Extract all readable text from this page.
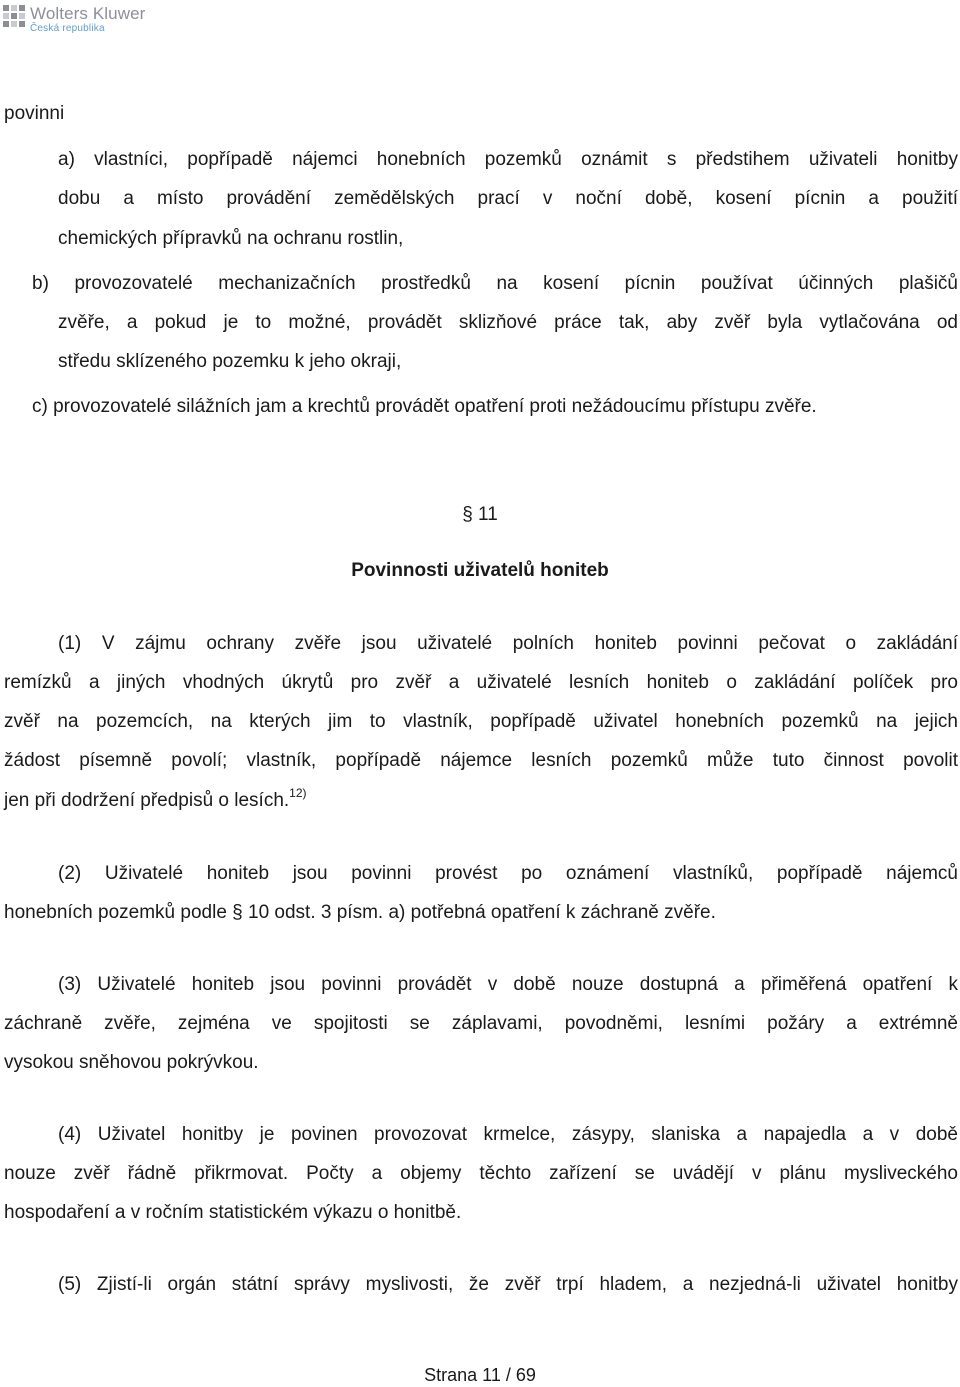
Wolters Kluwer
Česká republika
povinni
a) vlastníci, popřípadě nájemci honebních pozemků oznámit s předstihem uživateli honitby
dobu a místo provádění zemědělských prací v noční době, kosení pícnin a použití
chemických přípravků na ochranu rostlin,
b) provozovatelé mechanizačních prostředků na kosení pícnin používat účinných plašičů
zvěře, a pokud je to možné, provádět sklizňové práce tak, aby zvěř byla vytlačována od
středu sklízeného pozemku k jeho okraji,
c) provozovatelé silážních jam a krechtů provádět opatření proti nežádoucímu přístupu zvěře.
§ 11
Povinnosti uživatelů honiteb
(1) V zájmu ochrany zvěře jsou uživatelé polních honiteb povinni pečovat o zakládání
remízků a jiných vhodných úkrytů pro zvěř a uživatelé lesních honiteb o zakládání políček pro
zvěř na pozemcích, na kterých jim to vlastník, popřípadě uživatel honebních pozemků na jejich
žádost písemně povolí; vlastník, popřípadě nájemce lesních pozemků může tuto činnost povolit
jen při dodržení předpisů o lesích.$^{12)}$
(2) Uživatelé honiteb jsou povinni provést po oznámení vlastníků, popřípadě nájemců
honebních pozemků podle § 10 odst. 3 písm. a) potřebná opatření k záchraně zvěře.
(3) Uživatelé honiteb jsou povinni provádět v době nouze dostupná a přiměřená opatření k
záchraně zvěře, zejména ve spojitosti se záplavami, povodněmi, lesními požáry a extrémně
vysokou sněhovou pokrývkou.
(4) Uživatel honitby je povinen provozovat krmelce, zásypy, slaniska a napajedla a v době
nouze zvěř řádně přikrmovat. Počty a objemy těchto zařízení se uvádějí v plánu mysliveckého
hospodaření a v ročním statistickém výkazu o honitbě.
(5) Zjistí-li orgán státní správy myslivosti, že zvěř trpí hladem, a nezjedná-li uživatel honitby
Strana 11 / 69
